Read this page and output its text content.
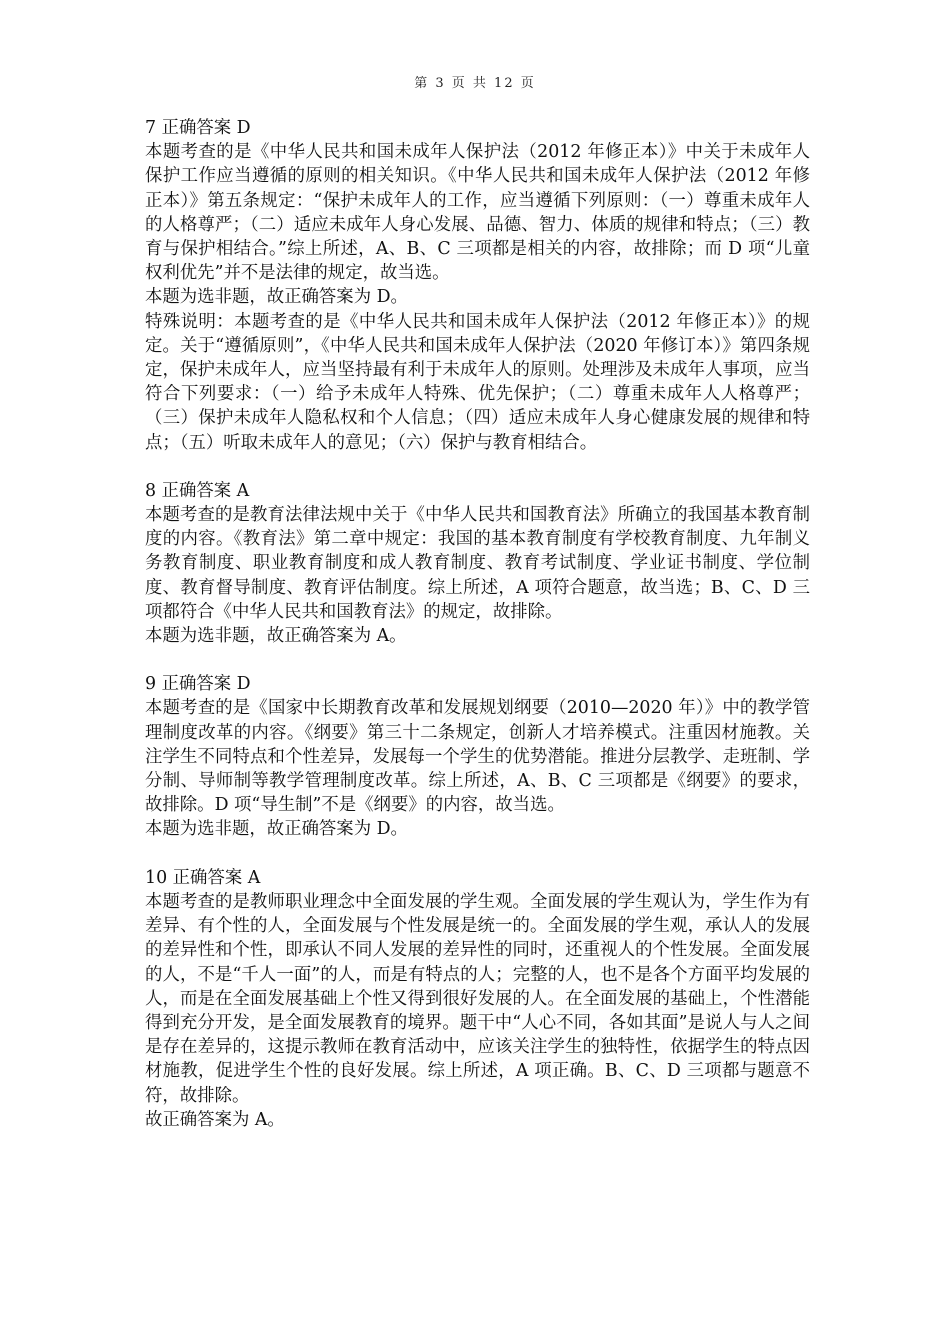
第 3 页 共 12 页
7 正确答案 D
本题考查的是《中华人民共和国未成年人保护法（2012 年修正本）》中关于未成年人保护工作应当遵循的原则的相关知识。《中华人民共和国未成年人保护法（2012 年修正本）》第五条规定：“保护未成年人的工作，应当遵循下列原则：（一）尊重未成年人的人格尊严；（二）适应未成年人身心发展、品德、智力、体质的规律和特点；（三）教育与保护相结合。”综上所述，A、B、C 三项都是相关的内容，故排除；而 D 项“儿童权利优先”并不是法律的规定，故当选。
本题为选非题，故正确答案为 D。
特殊说明：本题考查的是《中华人民共和国未成年人保护法（2012 年修正本）》的规定。关于“遵循原则”，《中华人民共和国未成年人保护法（2020 年修订本）》第四条规定，保护未成年人，应当坚持最有利于未成年人的原则。处理涉及未成年人事项，应当符合下列要求：（一）给予未成年人特殊、优先保护；（二）尊重未成年人人格尊严；（三）保护未成年人隐私权和个人信息；（四）适应未成年人身心健康发展的规律和特点；（五）听取未成年人的意见；（六）保护与教育相结合。
8 正确答案 A
本题考查的是教育法律法规中关于《中华人民共和国教育法》所确立的我国基本教育制度的内容。《教育法》第二章中规定：我国的基本教育制度有学校教育制度、九年制义务教育制度、职业教育制度和成人教育制度、教育考试制度、学业证书制度、学位制度、教育督导制度、教育评估制度。综上所述，A 项符合题意，故当选；B、C、D 三项都符合《中华人民共和国教育法》的规定，故排除。
本题为选非题，故正确答案为 A。
9 正确答案 D
本题考查的是《国家中长期教育改革和发展规划纲要（2010—2020 年）》中的教学管理制度改革的内容。《纲要》第三十二条规定，创新人才培养模式。注重因材施教。关注学生不同特点和个性差异，发展每一个学生的优势潜能。推进分层教学、走班制、学分制、导师制等教学管理制度改革。综上所述，A、B、C 三项都是《纲要》的要求，故排除。D 项“导生制”不是《纲要》的内容，故当选。
本题为选非题，故正确答案为 D。
10 正确答案 A
本题考查的是教师职业理念中全面发展的学生观。全面发展的学生观认为，学生作为有差异、有个性的人，全面发展与个性发展是统一的。全面发展的学生观，承认人的发展的差异性和个性，即承认不同人发展的差异性的同时，还重视人的个性发展。全面发展的人，不是“千人一面”的人，而是有特点的人；完整的人，也不是各个方面平均发展的人，而是在全面发展基础上个性又得到很好发展的人。在全面发展的基础上，个性潜能得到充分开发，是全面发展教育的境界。题干中“人心不同，各如其面”是说人与人之间是存在差异的，这提示教师在教育活动中，应该关注学生的独特性，依据学生的特点因材施教，促进学生个性的良好发展。综上所述，A 项正确。B、C、D 三项都与题意不符，故排除。
故正确答案为 A。
